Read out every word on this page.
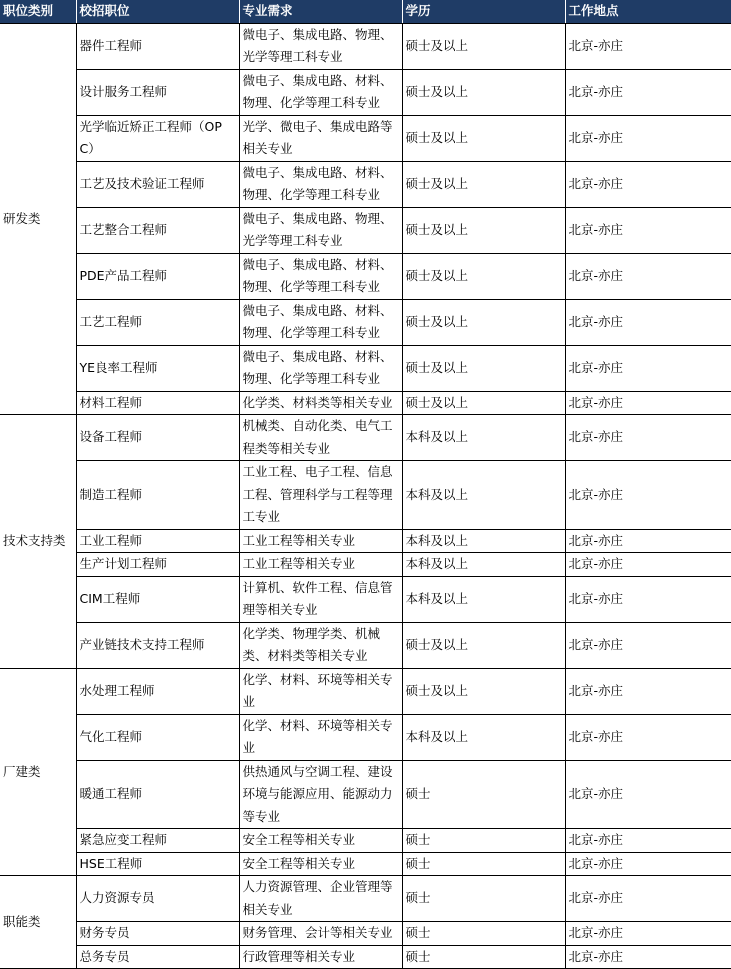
职位类别	校招职位	专业需求	学历	工作地点
研发类	器件工程师	微电子、集成电路、物理、光学等理工科专业	硕士及以上	北京-亦庄
	设计服务工程师	微电子、集成电路、材料、物理、化学等理工科专业	硕士及以上	北京-亦庄
	光学临近矫正工程师（OPC）	光学、微电子、集成电路等相关专业	硕士及以上	北京-亦庄
	工艺及技术验证工程师	微电子、集成电路、材料、物理、化学等理工科专业	硕士及以上	北京-亦庄
	工艺整合工程师	微电子、集成电路、物理、光学等理工科专业	硕士及以上	北京-亦庄
	PDE产品工程师	微电子、集成电路、材料、物理、化学等理工科专业	硕士及以上	北京-亦庄
	工艺工程师	微电子、集成电路、材料、物理、化学等理工科专业	硕士及以上	北京-亦庄
	YE良率工程师	微电子、集成电路、材料、物理、化学等理工科专业	硕士及以上	北京-亦庄
	材料工程师	化学类、材料类等相关专业	硕士及以上	北京-亦庄
技术支持类	设备工程师	机械类、自动化类、电气工程类等相关专业	本科及以上	北京-亦庄
	制造工程师	工业工程、电子工程、信息工程、管理科学与工程等理工专业	本科及以上	北京-亦庄
	工业工程师	工业工程等相关专业	本科及以上	北京-亦庄
	生产计划工程师	工业工程等相关专业	本科及以上	北京-亦庄
	CIM工程师	计算机、软件工程、信息管理等相关专业	本科及以上	北京-亦庄
	产业链技术支持工程师	化学类、物理学类、机械类、材料类等相关专业	硕士及以上	北京-亦庄
厂建类	水处理工程师	化学、材料、环境等相关专业	硕士及以上	北京-亦庄
	气化工程师	化学、材料、环境等相关专业	本科及以上	北京-亦庄
	暖通工程师	供热通风与空调工程、建设环境与能源应用、能源动力等专业	硕士	北京-亦庄
	紧急应变工程师	安全工程等相关专业	硕士	北京-亦庄
	HSE工程师	安全工程等相关专业	硕士	北京-亦庄
职能类	人力资源专员	人力资源管理、企业管理等相关专业	硕士	北京-亦庄
	财务专员	财务管理、会计等相关专业	硕士	北京-亦庄
	总务专员	行政管理等相关专业	硕士	北京-亦庄
